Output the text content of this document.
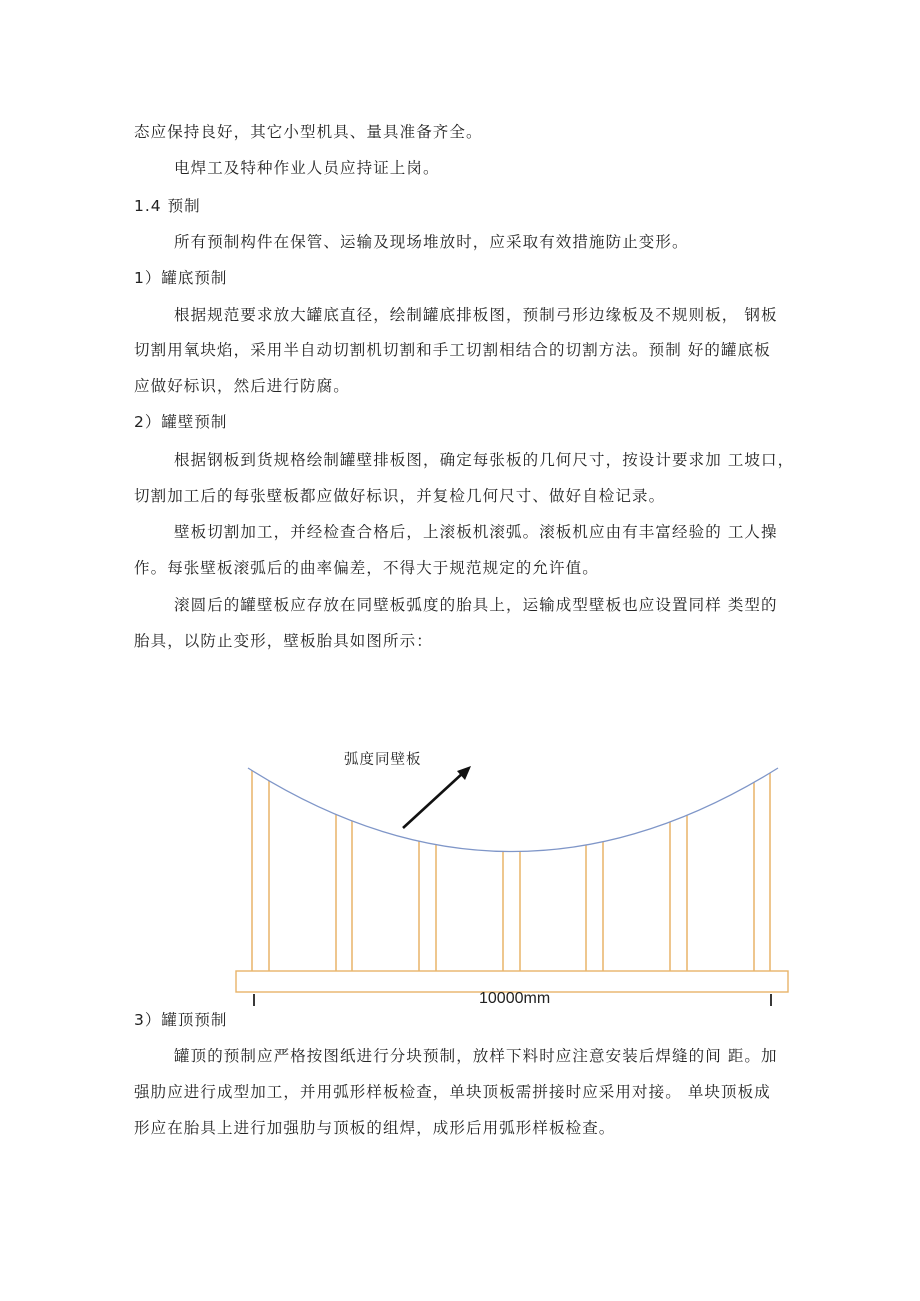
态应保持良好，其它小型机具、量具准备齐全。
电焊工及特种作业人员应持证上岗。
1.4 预制
所有预制构件在保管、运输及现场堆放时，应采取有效措施防止变形。
1）罐底预制
根据规范要求放大罐底直径，绘制罐底排板图，预制弓形边缘板及不规则板， 钢板
切割用氧块焰，采用半自动切割机切割和手工切割相结合的切割方法。预制 好的罐底板
应做好标识，然后进行防腐。
2）罐壁预制
根据钢板到货规格绘制罐壁排板图，确定每张板的几何尺寸，按设计要求加 工坡口，
切割加工后的每张壁板都应做好标识，并复检几何尺寸、做好自检记录。
壁板切割加工，并经检查合格后，上滚板机滚弧。滚板机应由有丰富经验的 工人操
作。每张壁板滚弧后的曲率偏差，不得大于规范规定的允许值。
滚圆后的罐壁板应存放在同壁板弧度的胎具上，运输成型壁板也应设置同样 类型的
胎具，以防止变形，壁板胎具如图所示：
弧度同壁板
10000mm
3）罐顶预制
罐顶的预制应严格按图纸进行分块预制，放样下料时应注意安装后焊缝的间 距。加
强肋应进行成型加工，并用弧形样板检查，单块顶板需拼接时应采用对接。 单块顶板成
形应在胎具上进行加强肋与顶板的组焊，成形后用弧形样板检查。
